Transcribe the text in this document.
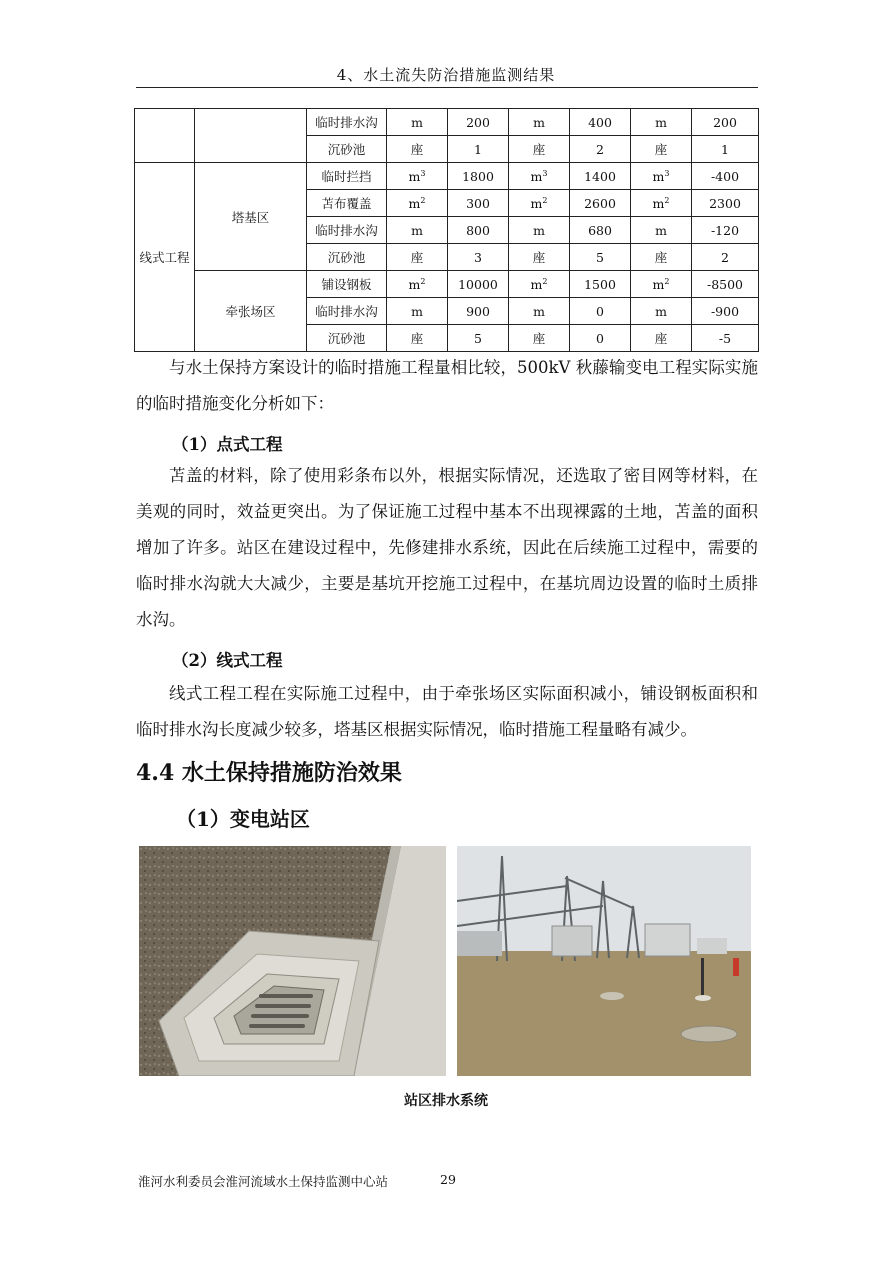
4、水土流失防治措施监测结果
		临时排水沟	m	200	m	400	m	200
		沉砂池	座	1	座	2	座	1
线式工程	塔基区	临时拦挡	$m^3$	1800	$m^3$	1400	$m^3$	-400
		苫布覆盖	$m^2$	300	$m^2$	2600	$m^2$	2300
		临时排水沟	m	800	m	680	m	-120
		沉砂池	座	3	座	5	座	2
	牵张场区	铺设钢板	$m^2$	10000	$m^2$	1500	$m^2$	-8500
		临时排水沟	m	900	m	0	m	-900
		沉砂池	座	5	座	0	座	-5
与水土保持方案设计的临时措施工程量相比较，500kV 秋藤输变电工程实际实施的临时措施变化分析如下：
（1）点式工程
苫盖的材料，除了使用彩条布以外，根据实际情况，还选取了密目网等材料，在美观的同时，效益更突出。为了保证施工过程中基本不出现裸露的土地，苫盖的面积增加了许多。站区在建设过程中，先修建排水系统，因此在后续施工过程中，需要的临时排水沟就大大减少，主要是基坑开挖施工过程中，在基坑周边设置的临时土质排水沟。
（2）线式工程
线式工程工程在实际施工过程中，由于牵张场区实际面积减小，铺设钢板面积和临时排水沟长度减少较多，塔基区根据实际情况，临时措施工程量略有减少。
4.4 水土保持措施防治效果
（1）变电站区
站区排水系统
淮河水利委员会淮河流域水土保持监测中心站	29
